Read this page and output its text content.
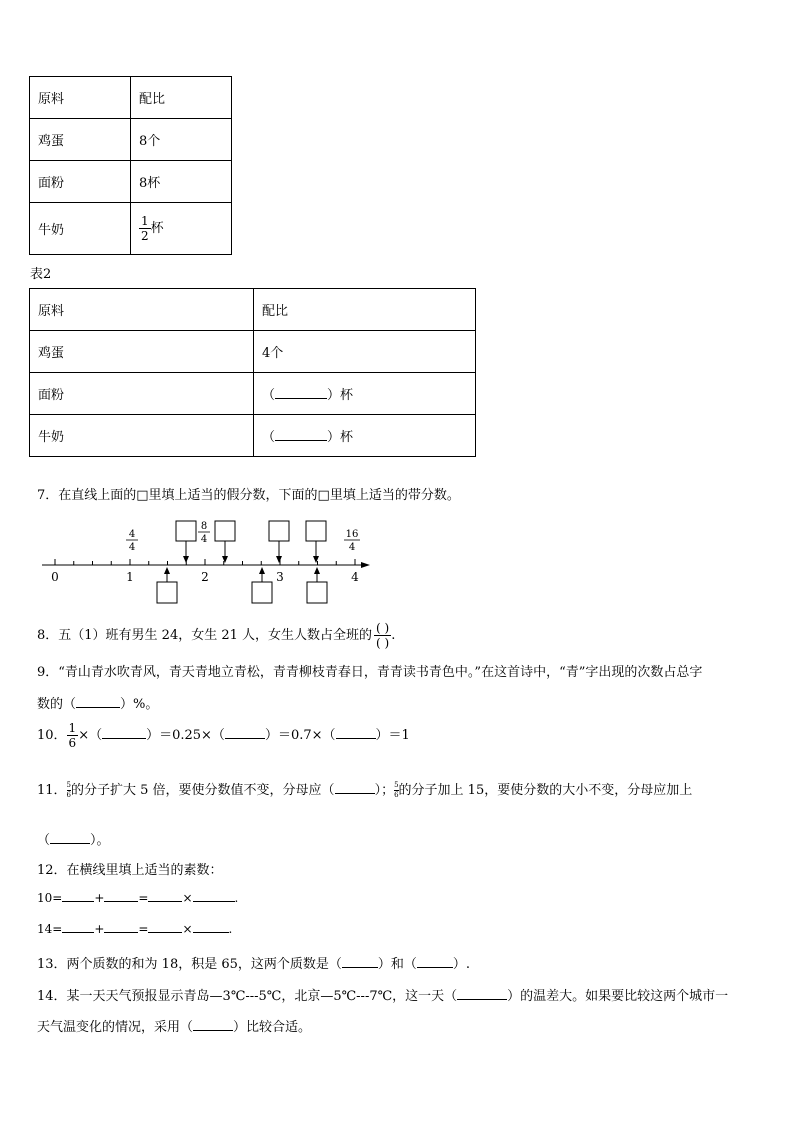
原料	配比
鸡蛋	8个
面粉	8杯
牛奶	$\frac{1}{2}$ 杯
表2
原料	配比
鸡蛋	4个
面粉	（ ）杯
牛奶	（ ）杯
7．在直线上面的□里填上适当的假分数，下面的□里填上适当的带分数。
0	1	2	3	4
4
4
8
4	16
4
8．五（1）班有男生 24，女生 21 人，女生人数占全班的 $\frac{( )}{( )}$ .
9．“青山青水吹青风，青天青地立青松，青青柳枝青春日，青青读书青色中。”在这首诗中，“青”字出现的次数占总字
数的（	）%。
10． $\frac{1}{6}$ ×（	）＝0.25×（	）＝0.7×（	）＝1
11． $\frac{5}{6}$ 的分子扩大 5 倍，要使分数值不变，分母应（	）； $\frac{5}{6}$ 的分子加上 15，要使分数的大小不变，分母应加上
（	）。
12．在横线里填上适当的素数：
10=	+	=	×	.
14=	+	=	×	.
13．两个质数的和为 18，积是 65，这两个质数是（	）和（	）.
14．某一天天气预报显示青岛—3℃---5℃，北京—5℃---7℃，这一天（	）的温差大。如果要比较这两个城市一
天气温变化的情况，采用（	）比较合适。
